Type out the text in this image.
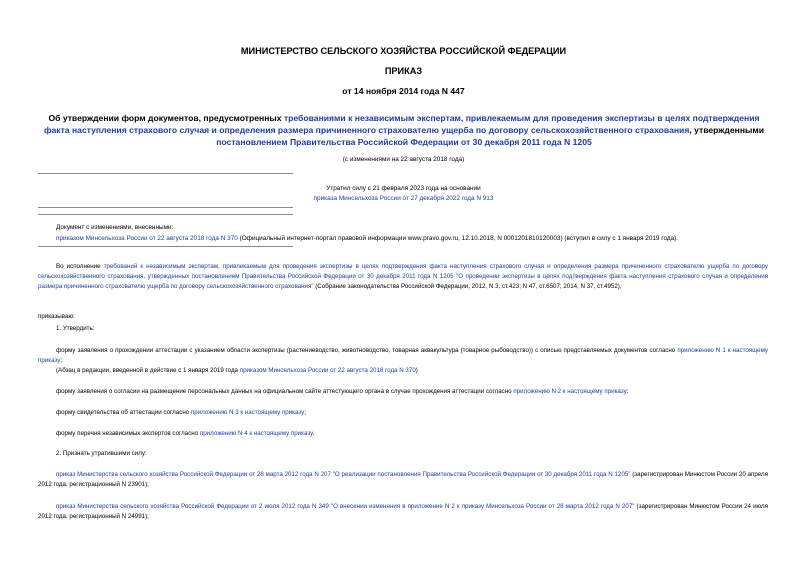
МИНИСТЕРСТВО СЕЛЬСКОГО ХОЗЯЙСТВА РОССИЙСКОЙ ФЕДЕРАЦИИ
ПРИКАЗ
от 14 ноября 2014 года N 447
Об утверждении форм документов, предусмотренных требованиями к независимым экспертам, привлекаемым для проведения экспертизы в целях подтверждения факта наступления страхового случая и определения размера причиненного страхователю ущерба по договору сельскохозяйственного страхования, утвержденными постановлением Правительства Российской Федерации от 30 декабря 2011 года N 1205
(с изменениями на 22 августа 2018 года)
Утратил силу с 21 февраля 2023 года на основании
приказа Минсельхоза России от 27 декабря 2022 года N 913
Документ с изменениями, внесенными:
приказом Минсельхоза России от 22 августа 2018 года N 370 (Официальный интернет-портал правовой информации www.pravo.gov.ru, 12.10.2018, N 0001201810120003) (вступил в силу с 1 января 2019 года).
Во исполнение требований к независимым экспертам, привлекаемым для проведения экспертизы в целях подтверждения факта наступления страхового случая и определения размера причиненного страхователю ущерба по договору сельскохозяйственного страхования, утвержденных постановлением Правительства Российской Федерации от 30 декабря 2011 года N 1205 "О проведении экспертизы в целях подтверждения факта наступления страхового случая и определения размера причиненного страхователю ущерба по договору сельскохозяйственного страхования" (Собрание законодательства Российской Федерации, 2012, N 3, ст.423; N 47, ст.6507; 2014, N 37, ст.4952),
приказываю:
1. Утвердить:
форму заявления о прохождении аттестации с указанием области экспертизы (растениеводство, животноводство, товарная аквакультура (товарное рыбоводство)) с описью представляемых документов согласно приложению N 1 к настоящему приказу;
(Абзац в редакции, введенной в действие с 1 января 2019 года приказом Минсельхоза России от 22 августа 2018 года N 370)
форму заявления о согласии на размещение персональных данных на официальном сайте аттестующего органа в случае прохождения аттестации согласно приложению N 2 к настоящему приказу;
форму свидетельства об аттестации согласно приложению N 3 к настоящему приказу;
форму перечня независимых экспертов согласно приложению N 4 к настоящему приказу.
2. Признать утратившими силу:
приказ Министерства сельского хозяйства Российской Федерации от 28 марта 2012 года N 207 "О реализации постановления Правительства Российской Федерации от 30 декабря 2011 года N 1205" (зарегистрирован Минюстом России 20 апреля 2012 года, регистрационный N 23901);
приказ Министерства сельского хозяйства Российской Федерации от 2 июля 2012 года N 349 "О внесении изменения в приложение N 2 к приказу Минсельхоза России от 28 марта 2012 года N 207" (зарегистрирован Минюстом России 24 июля 2012 года, регистрационный N 24991);
